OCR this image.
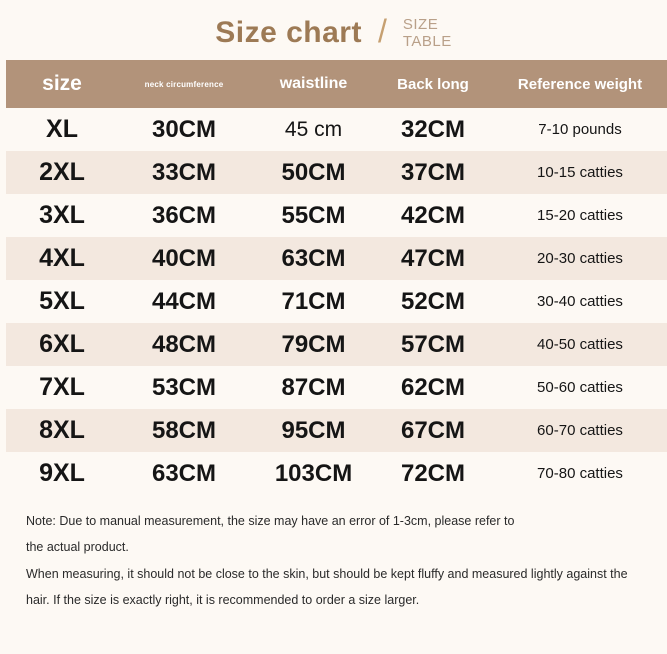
Size chart / SIZE
TABLE
size	neck circumference	waistline	Back long	Reference weight
XL	30CM	45 cm	32CM	7-10 pounds
2XL	33CM	50CM	37CM	10-15 catties
3XL	36CM	55CM	42CM	15-20 catties
4XL	40CM	63CM	47CM	20-30 catties
5XL	44CM	71CM	52CM	30-40 catties
6XL	48CM	79CM	57CM	40-50 catties
7XL	53CM	87CM	62CM	50-60 catties
8XL	58CM	95CM	67CM	60-70 catties
9XL	63CM	103CM	72CM	70-80 catties

Note: Due to manual measurement, the size may have an error of 1-3cm, please refer to

the actual product.

When measuring, it should not be close to the skin, but should be kept fluffy and measured lightly against the

hair. If the size is exactly right, it is recommended to order a size larger.
